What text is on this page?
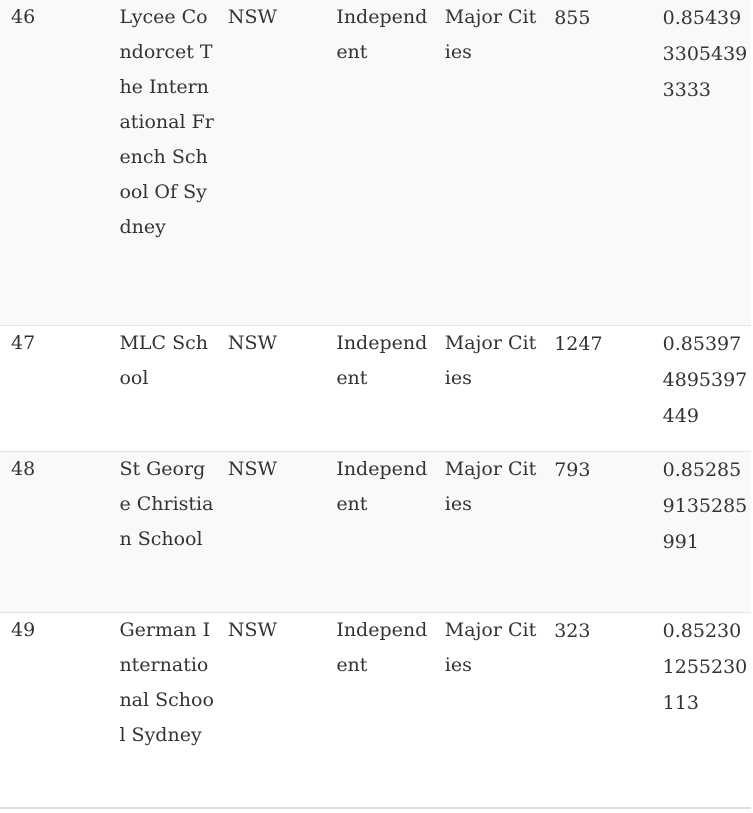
46	Lycee Condorcet The International French School Of Sydney	NSW	Independent	Major Cities	855	0.8543933054393333
47	MLC School	NSW	Independent	Major Cities	1247	0.853974895397449
48	St George Christian School	NSW	Independent	Major Cities	793	0.852859135285991
49	German International School Sydney	NSW	Independent	Major Cities	323	0.852301255230113
